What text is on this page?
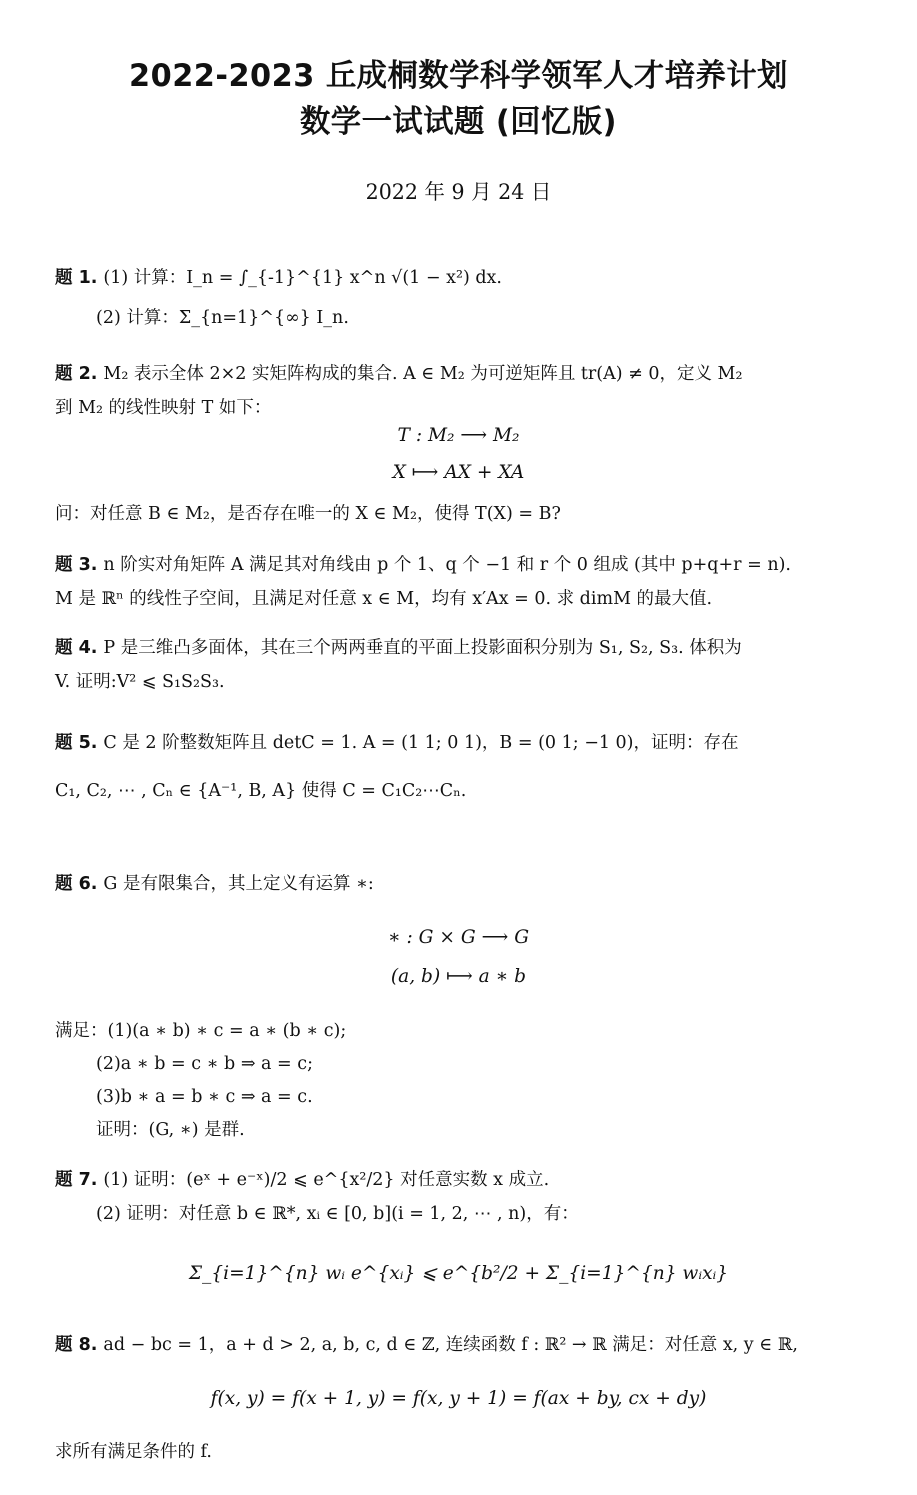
2022-2023 丘成桐数学科学领军人才培养计划
数学一试试题 (回忆版)
2022 年 9 月 24 日
题 1. (1) 计算：I_n = ∫_{-1}^{1} x^n √(1 − x²) dx.
(2) 计算：Σ_{n=1}^{∞} I_n.
题 2. M₂ 表示全体 2×2 实矩阵构成的集合. A ∈ M₂ 为可逆矩阵且 tr(A) ≠ 0，定义 M₂
到 M₂ 的线性映射 T 如下：
T : M₂ ⟶ M₂
X ⟼ AX + XA
问：对任意 B ∈ M₂，是否存在唯一的 X ∈ M₂，使得 T(X) = B?
题 3. n 阶实对角矩阵 A 满足其对角线由 p 个 1、q 个 −1 和 r 个 0 组成 (其中 p+q+r = n).
M 是 ℝⁿ 的线性子空间，且满足对任意 x ∈ M，均有 x′Ax = 0. 求 dimM 的最大值.
题 4. P 是三维凸多面体，其在三个两两垂直的平面上投影面积分别为 S₁, S₂, S₃. 体积为
V. 证明:V² ⩽ S₁S₂S₃.
题 5. C 是 2 阶整数矩阵且 detC = 1. A = (1 1; 0 1)，B = (0 1; −1 0)，证明：存在
C₁, C₂, ⋯ , Cₙ ∈ {A⁻¹, B, A} 使得 C = C₁C₂⋯Cₙ.
题 6. G 是有限集合，其上定义有运算 ∗:
∗ : G × G ⟶ G
(a, b) ⟼ a ∗ b
满足：(1)(a ∗ b) ∗ c = a ∗ (b ∗ c);
(2)a ∗ b = c ∗ b ⇒ a = c;
(3)b ∗ a = b ∗ c ⇒ a = c.
证明：(G, ∗) 是群.
题 7. (1) 证明：(eˣ + e⁻ˣ)/2 ⩽ e^{x²/2} 对任意实数 x 成立.
(2) 证明：对任意 b ∈ ℝ*, xᵢ ∈ [0, b](i = 1, 2, ⋯ , n)，有：
Σ_{i=1}^{n} wᵢ e^{xᵢ} ⩽ e^{b²/2 + Σ_{i=1}^{n} wᵢxᵢ}
题 8. ad − bc = 1，a + d > 2, a, b, c, d ∈ ℤ, 连续函数 f : ℝ² → ℝ 满足：对任意 x, y ∈ ℝ,
f(x, y) = f(x + 1, y) = f(x, y + 1) = f(ax + by, cx + dy)
求所有满足条件的 f.
